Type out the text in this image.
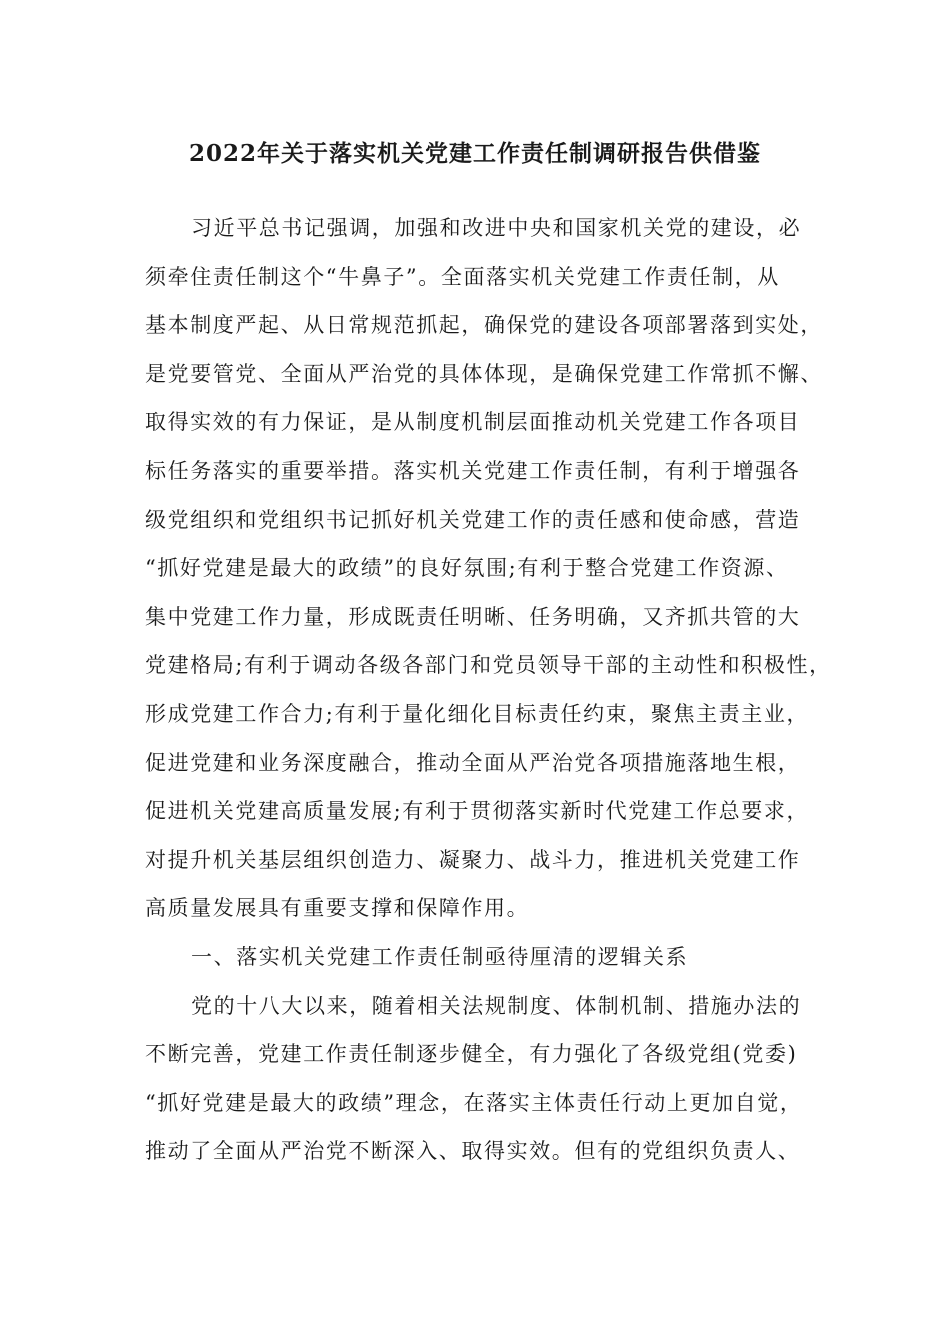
2022年关于落实机关党建工作责任制调研报告供借鉴
习近平总书记强调，加强和改进中央和国家机关党的建设，必
须牵住责任制这个“牛鼻子”。全面落实机关党建工作责任制，从
基本制度严起、从日常规范抓起，确保党的建设各项部署落到实处，
是党要管党、全面从严治党的具体体现，是确保党建工作常抓不懈、
取得实效的有力保证，是从制度机制层面推动机关党建工作各项目
标任务落实的重要举措。落实机关党建工作责任制，有利于增强各
级党组织和党组织书记抓好机关党建工作的责任感和使命感，营造
“抓好党建是最大的政绩”的良好氛围;有利于整合党建工作资源、
集中党建工作力量，形成既责任明晰、任务明确，又齐抓共管的大
党建格局;有利于调动各级各部门和党员领导干部的主动性和积极性，
形成党建工作合力;有利于量化细化目标责任约束，聚焦主责主业，
促进党建和业务深度融合，推动全面从严治党各项措施落地生根，
促进机关党建高质量发展;有利于贯彻落实新时代党建工作总要求，
对提升机关基层组织创造力、凝聚力、战斗力，推进机关党建工作
高质量发展具有重要支撑和保障作用。
一、落实机关党建工作责任制亟待厘清的逻辑关系
党的十八大以来，随着相关法规制度、体制机制、措施办法的
不断完善，党建工作责任制逐步健全，有力强化了各级党组(党委)
“抓好党建是最大的政绩”理念，在落实主体责任行动上更加自觉，
推动了全面从严治党不断深入、取得实效。但有的党组织负责人、
